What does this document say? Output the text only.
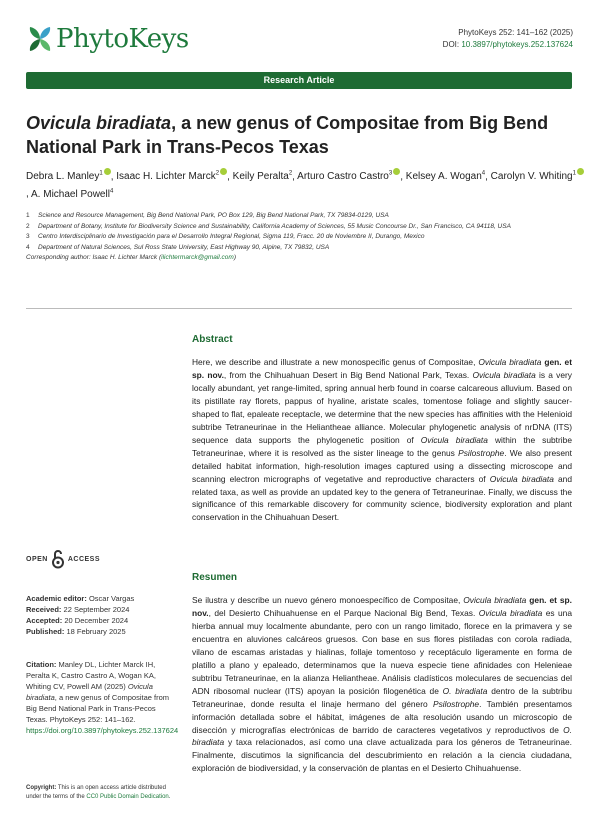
PhytoKeys	PhytoKeys 252: 141–162 (2025)
DOI: 10.3897/phytokeys.252.137624
Research Article
Ovicula biradiata, a new genus of Compositae from Big Bend National Park in Trans-Pecos Texas
Debra L. Manley$^1$ , Isaac H. Lichter Marck$^2$ , Keily Peralta$^2$, Arturo Castro Castro$^3$ , Kelsey A. Wogan$^4$, Carolyn V. Whiting$^1$, A. Michael Powell$^4$
1	Science and Resource Management, Big Bend National Park, PO Box 129, Big Bend National Park, TX 79834-0129, USA
2	Department of Botany, Institute for Biodiversity Science and Sustainability, California Academy of Sciences, 55 Music Concourse Dr., San Francisco, CA 94118, USA
3	Centro Interdisciplinario de Investigación para el Desarrollo Integral Regional, Sigma 119, Fracc. 20 de Noviembre II, Durango, Mexico
4	Department of Natural Sciences, Sul Ross State University, East Highway 90, Alpine, TX 79832, USA
Corresponding author: Isaac H. Lichter Marck (ilichtermarck@gmail.com)
OPEN	ACCESS
Academic editor: Oscar Vargas
Received: 22 September 2024
Accepted: 20 December 2024
Published: 18 February 2025
Citation: Manley DL, Lichter Marck IH, Peralta K, Castro Castro A, Wogan KA, Whiting CV, Powell AM (2025) Ovicula biradiata, a new genus of Compositae from Big Bend National Park in Trans-Pecos Texas. PhytoKeys 252: 141–162. https://doi.org/10.3897/phytokeys.252.137624
Copyright: This is an open access article distributed under the terms of the CC0 Public Domain Dedication.
Abstract
Here, we describe and illustrate a new monospecific genus of Compositae, Ovicula biradiata gen. et sp. nov., from the Chihuahuan Desert in Big Bend National Park, Texas. Ovicula biradiata is a very locally abundant, yet range-limited, spring annual herb found in coarse calcareous alluvium. Based on its pistillate ray florets, pappus of hyaline, aristate scales, tomentose foliage and slightly saucer-shaped to flat, epaleate receptacle, we determine that the new species has affinities with the Helenioid subtribe Tetraneurinae in the Heliantheae alliance. Molecular phylogenetic analysis of nrDNA (ITS) sequence data supports the phylogenetic position of Ovicula biradiata within the subtribe Tetraneurinae, where it is resolved as the sister lineage to the genus Psilostrophe. We also present detailed habitat information, high-resolution images captured using a dissecting microscope and scanning electron micrographs of vegetative and reproductive characters of Ovicula biradiata and related taxa, as well as provide an updated key to the genera of Tetraneurinae. Finally, we discuss the significance of this remarkable discovery for community science, biodiversity exploration and plant conservation in the Chihuahuan Desert.
Resumen
Se ilustra y describe un nuevo género monoespecífico de Compositae, Ovicula biradiata gen. et sp. nov., del Desierto Chihuahuense en el Parque Nacional Big Bend, Texas. Ovicula biradiata es una hierba annual muy localmente abundante, pero con un rango limitado, florece en la primavera y se encuentra en aluviones calcáreos gruesos. Con base en sus flores pistiladas con corola radiada, vilano de escamas aristadas y hialinas, follaje tomentoso y receptáculo ligeramente en forma de platillo a plano y epaleado, determinamos que la nueva especie tiene afinidades con Helenieae subtribu Tetraneurinae, en la alianza Heliantheae. Análisis cladísticos moleculares de secuencias del ADN ribosomal nuclear (ITS) apoyan la posición filogenética de O. biradiata dentro de la subtribu Tetraneurinae, donde resulta el linaje hermano del género Psilostrophe. También presentamos información detallada sobre el hábitat, imágenes de alta resolución usando un microscopio de disección y micrografías electrónicas de barrido de caracteres vegetativos y reproductivos de O. biradiata y taxa relacionados, así como una clave actualizada para los géneros de Tetraneurinae. Finalmente, discutimos la significancia del descubrimiento en relación a la ciencia ciudadana, exploración de biodiversidad, y la conservación de plantas en el Desierto Chihuahuense.
